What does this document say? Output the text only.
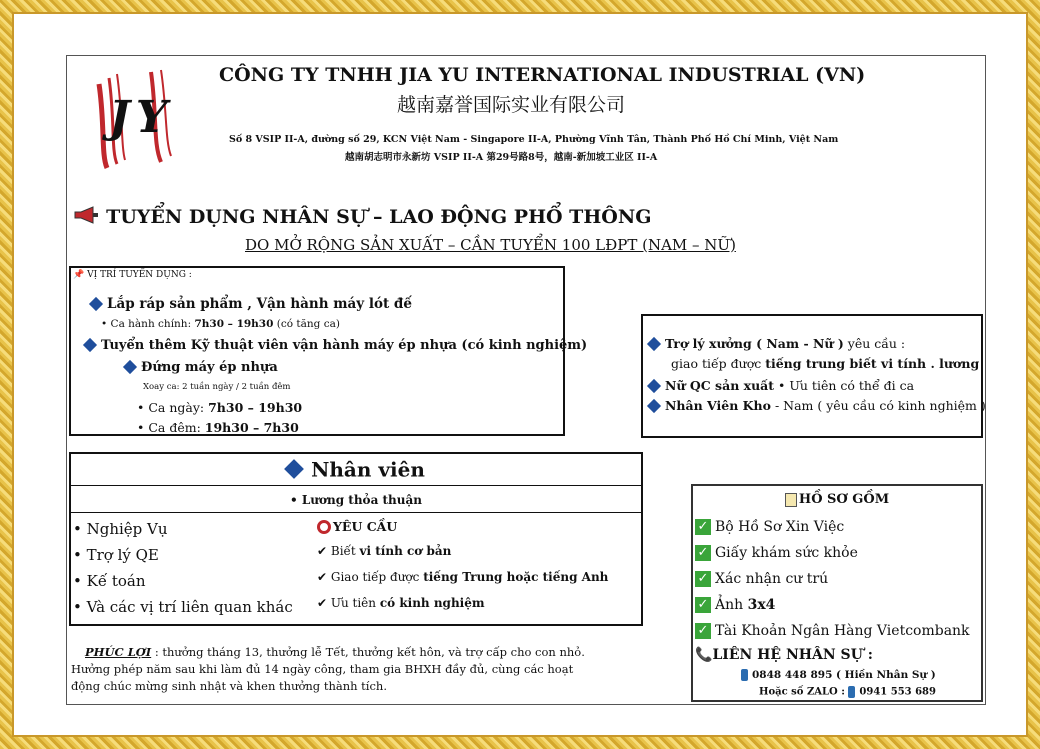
JY
CÔNG TY TNHH JIA YU INTERNATIONAL INDUSTRIAL (VN)
越南嘉誉国际实业有限公司
Số 8 VSIP II-A, đường số 29, KCN Việt Nam - Singapore II-A, Phường Vĩnh Tân, Thành Phố Hồ Chí Minh, Việt Nam
越南胡志明市永新坊 VSIP II-A 第29号路8号，越南-新加坡工业区 II-A
TUYỂN DỤNG NHÂN SỰ – LAO ĐỘNG PHỔ THÔNG
DO MỞ RỘNG SẢN XUẤT – CẦN TUYỂN 100 LĐPT (NAM – NỮ)
📌 VỊ TRÍ TUYỂN DỤNG :
Lắp ráp sản phẩm , Vận hành máy lót đế
• Ca hành chính: 7h30 – 19h30 (có tăng ca)
Tuyển thêm Kỹ thuật viên vận hành máy ép nhựa (có kinh nghiệm)
Đứng máy ép nhựa
Xoay ca: 2 tuần ngày / 2 tuần đêm
• Ca ngày: 7h30 – 19h30
• Ca đêm: 19h30 – 7h30
Trợ lý xưởng ( Nam - Nữ ) yêu cầu :
giao tiếp được tiếng trung biết vi tính . lương
Nữ QC sản xuất • Ưu tiên có thể đi ca
Nhân Viên Kho - Nam ( yêu cầu có kinh nghiệm )
Nhân viên
• Lương thỏa thuận
• Nghiệp Vụ
• Trợ lý QE
• Kế toán
• Và các vị trí liên quan khác
YÊU CẦU
✔ Biết vi tính cơ bản
✔ Giao tiếp được tiếng Trung hoặc tiếng Anh
✔ Ưu tiên có kinh nghiệm
PHÚC LỢI : thưởng tháng 13, thưởng lễ Tết, thưởng kết hôn, và trợ cấp cho con nhỏ.
Hưởng phép năm sau khi làm đủ 14 ngày công, tham gia BHXH đầy đủ, cùng các hoạt
động chúc mừng sinh nhật và khen thưởng thành tích.
HỒ SƠ GỒM
✓ Bộ Hồ Sơ Xin Việc
✓ Giấy khám sức khỏe
✓ Xác nhận cư trú
✓ Ảnh 3x4
✓ Tài Khoản Ngân Hàng Vietcombank
📞LIÊN HỆ NHÂN SỰ :
0848 448 895 ( Hiền Nhân Sự )
Hoặc số ZALO : 0941 553 689
